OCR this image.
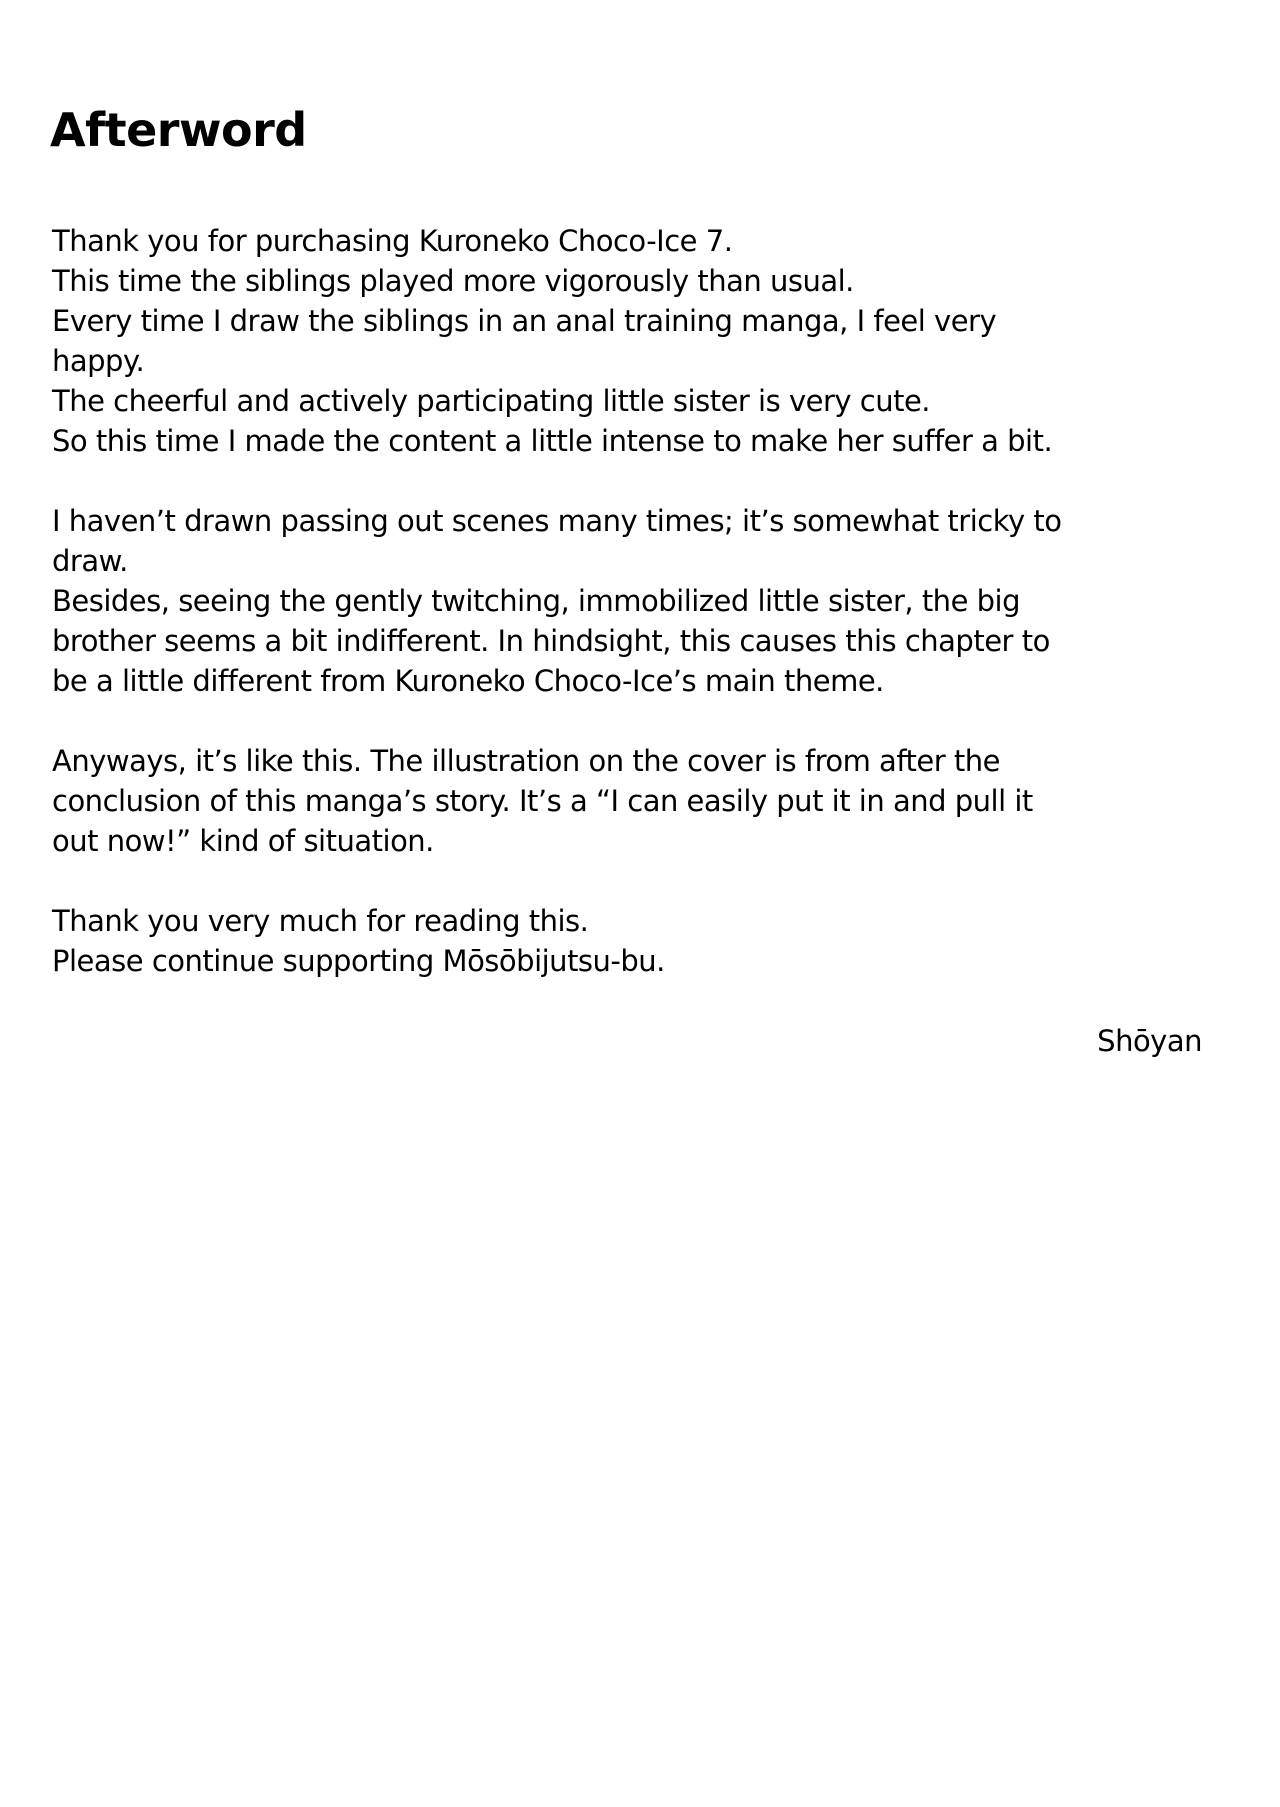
Afterword
Thank you for purchasing Kuroneko Choco-Ice 7.
This time the siblings played more vigorously than usual.
Every time I draw the siblings in an anal training manga, I feel very
happy.
The cheerful and actively participating little sister is very cute.
So this time I made the content a little intense to make her suffer a bit.
I haven’t drawn passing out scenes many times; it’s somewhat tricky to
draw.
Besides, seeing the gently twitching, immobilized little sister, the big
brother seems a bit indifferent. In hindsight, this causes this chapter to
be a little different from Kuroneko Choco-Ice’s main theme.
Anyways, it’s like this. The illustration on the cover is from after the
conclusion of this manga’s story. It’s a “I can easily put it in and pull it
out now!” kind of situation.
Thank you very much for reading this.
Please continue supporting Mōsōbijutsu-bu.
Shōyan
